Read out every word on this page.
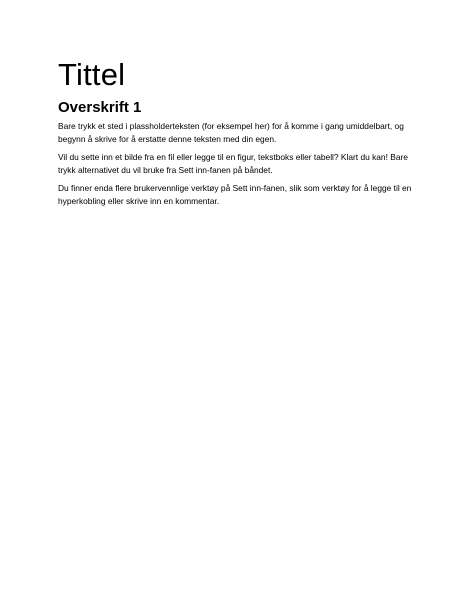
Tittel
Overskrift 1

Bare trykk et sted i plassholderteksten (for eksempel her) for å komme i gang umiddelbart, og begynn å skrive for å erstatte denne teksten med din egen.

Vil du sette inn et bilde fra en fil eller legge til en figur, tekstboks eller tabell? Klart du kan! Bare trykk alternativet du vil bruke fra Sett inn-fanen på båndet.

Du finner enda flere brukervennlige verktøy på Sett inn-fanen, slik som verktøy for å legge til en hyperkobling eller skrive inn en kommentar.
